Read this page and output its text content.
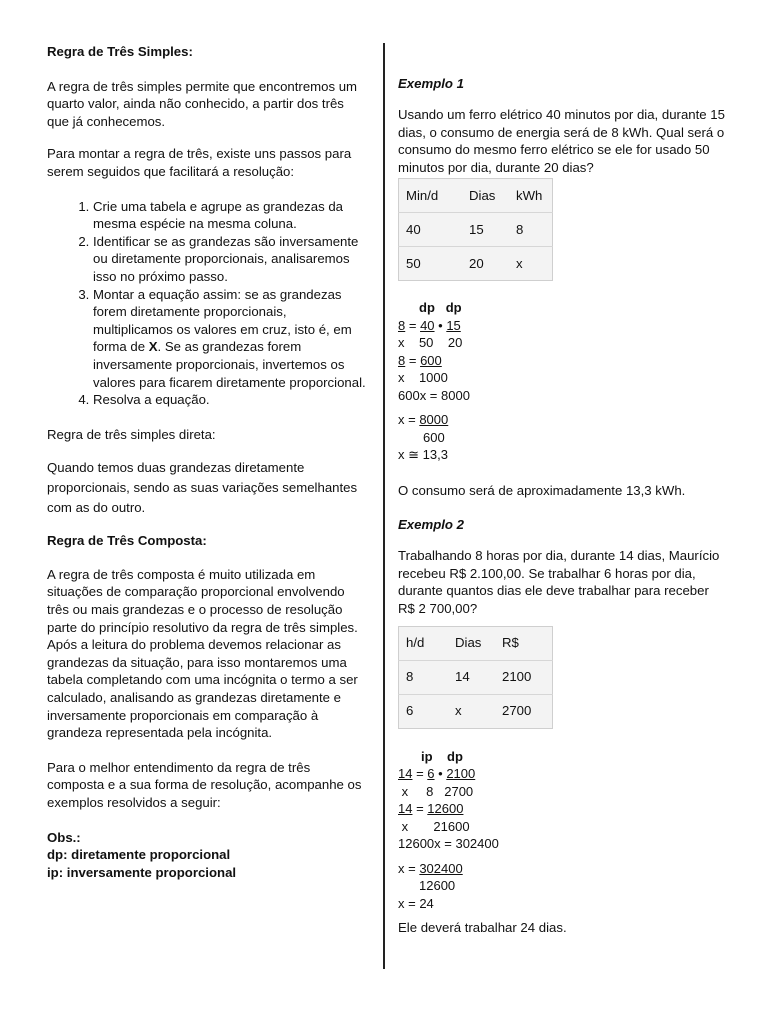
Regra de Três Simples:

A regra de três simples permite que encontremos um quarto valor, ainda não conhecido, a partir dos três que já conhecemos.

Para montar a regra de três, existe uns passos para serem seguidos que facilitará a resolução:

1. Crie uma tabela e agrupe as grandezas da mesma espécie na mesma coluna.
2. Identificar se as grandezas são inversamente ou diretamente proporcionais, analisaremos isso no próximo passo.
3. Montar a equação assim: se as grandezas forem diretamente proporcionais, multiplicamos os valores em cruz, isto é, em forma de X. Se as grandezas forem inversamente proporcionais, invertemos os valores para ficarem diretamente proporcional.
4. Resolva a equação.

Regra de três simples direta:

Quando temos duas grandezas diretamente proporcionais, sendo as suas variações semelhantes com as do outro.

Regra de Três Composta:

A regra de três composta é muito utilizada em situações de comparação proporcional envolvendo três ou mais grandezas e o processo de resolução parte do princípio resolutivo da regra de três simples. Após a leitura do problema devemos relacionar as grandezas da situação, para isso montaremos uma tabela completando com uma incógnita o termo a ser calculado, analisando as grandezas diretamente e inversamente proporcionais em comparação à grandeza representada pela incógnita.

Para o melhor entendimento da regra de três composta e a sua forma de resolução, acompanhe os exemplos resolvidos a seguir:

Obs.:

dp: diretamente proporcional

ip: inversamente proporcional

Exemplo 1

Usando um ferro elétrico 40 minutos por dia, durante 15 dias, o consumo de energia será de 8 kWh. Qual será o consumo do mesmo ferro elétrico se ele for usado 50 minutos por dia, durante 20 dias?

Min/d	Dias	kWh
40	15	8
50	20	x

dp   dp

8 = 40 • 15

x    50    20

8 = 600

x    1000

600x = 8000

x = 8000

600

x ≅ 13,3

O consumo será de aproximadamente 13,3 kWh.

Exemplo 2

Trabalhando 8 horas por dia, durante 14 dias, Maurício recebeu R$ 2.100,00. Se trabalhar 6 horas por dia, durante quantos dias ele deve trabalhar para receber R$ 2 700,00?

h/d	Dias	R$
8	14	2100
6	x	2700

ip    dp

14 = 6 • 2100

x     8   2700

14 = 12600

x       21600

12600x = 302400

x = 302400

12600

x = 24

Ele deverá trabalhar 24 dias.
